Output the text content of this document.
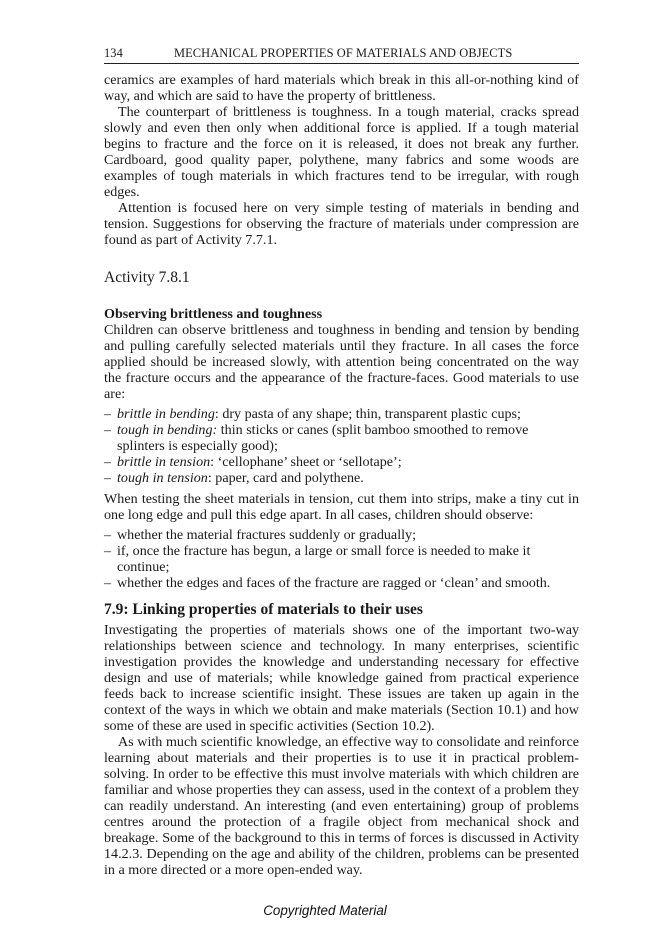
134	MECHANICAL PROPERTIES OF MATERIALS AND OBJECTS

ceramics are examples of hard materials which break in this all-or-nothing kind of way, and which are said to have the property of brittleness.

The counterpart of brittleness is toughness. In a tough material, cracks spread slowly and even then only when additional force is applied. If a tough material begins to fracture and the force on it is released, it does not break any further. Cardboard, good quality paper, polythene, many fabrics and some woods are examples of tough materials in which fractures tend to be irregular, with rough edges.

Attention is focused here on very simple testing of materials in bending and tension. Suggestions for observing the fracture of materials under compression are found as part of Activity 7.7.1.

Activity 7.8.1
Observing brittleness and toughness

Children can observe brittleness and toughness in bending and tension by bending and pulling carefully selected materials until they fracture. In all cases the force applied should be increased slowly, with attention being concentrated on the way the fracture occurs and the appearance of the fracture-faces. Good materials to use are:

– brittle in bending: dry pasta of any shape; thin, transparent plastic cups;
– tough in bending: thin sticks or canes (split bamboo smoothed to remove splinters is especially good);
– brittle in tension: ‘cellophane’ sheet or ‘sellotape’;
– tough in tension: paper, card and polythene.

When testing the sheet materials in tension, cut them into strips, make a tiny cut in one long edge and pull this edge apart. In all cases, children should observe:

– whether the material fractures suddenly or gradually;
– if, once the fracture has begun, a large or small force is needed to make it continue;
– whether the edges and faces of the fracture are ragged or ‘clean’ and smooth.
7.9: Linking properties of materials to their uses

Investigating the properties of materials shows one of the important two-way relationships between science and technology. In many enterprises, scientific investigation provides the knowledge and understanding necessary for effective design and use of materials; while knowledge gained from practical experience feeds back to increase scientific insight. These issues are taken up again in the context of the ways in which we obtain and make materials (Section 10.1) and how some of these are used in specific activities (Section 10.2).

As with much scientific knowledge, an effective way to consolidate and reinforce learning about materials and their properties is to use it in practical problem-solving. In order to be effective this must involve materials with which children are familiar and whose properties they can assess, used in the context of a problem they can readily understand. An interesting (and even entertaining) group of problems centres around the protection of a fragile object from mechanical shock and breakage. Some of the background to this in terms of forces is discussed in Activity 14.2.3. Depending on the age and ability of the children, problems can be presented in a more directed or a more open-ended way.

Copyrighted Material
